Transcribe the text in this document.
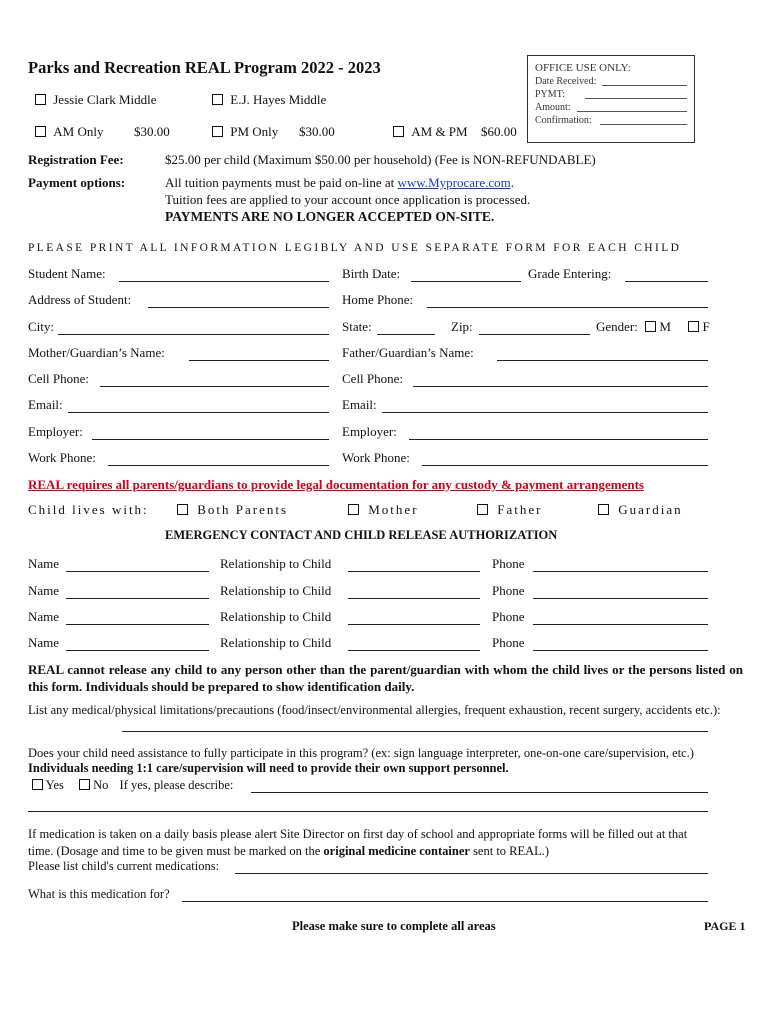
Parks and Recreation REAL Program 2022 - 2023	OFFICE USE ONLY:
Date Received:
PYMT:
Amount:
Confirmation:
Jessie Clark Middle	E.J. Hayes Middle
AM Only $30.00	PM Only $30.00	AM & PM $60.00
Registration Fee:	$25.00 per child (Maximum $50.00 per household) (Fee is NON-REFUNDABLE)
Payment options:	All tuition payments must be paid on-line at www.Myprocare.com.
Tuition fees are applied to your account once application is processed.
PAYMENTS ARE NO LONGER ACCEPTED ON-SITE.
PLEASE PRINT ALL INFORMATION LEGIBLY AND USE SEPARATE FORM FOR EACH CHILD
Student Name:	Birth Date:	Grade Entering:
Address of Student:	Home Phone:
City:	State:	Zip:	Gender: M F
Mother/Guardian’s Name:	Father/Guardian’s Name:
Cell Phone:	Cell Phone:
Email:	Email:
Employer:	Employer:
Work Phone:	Work Phone:
REAL requires all parents/guardians to provide legal documentation for any custody & payment arrangements
Child lives with:	Both Parents	Mother	Father	Guardian
EMERGENCY CONTACT AND CHILD RELEASE AUTHORIZATION
Name	Relationship to Child	Phone
Name	Relationship to Child	Phone
Name	Relationship to Child	Phone
Name	Relationship to Child	Phone
REAL cannot release any child to any person other than the parent/guardian with whom the child lives or the persons listed on this form. Individuals should be prepared to show identification daily.
List any medical/physical limitations/precautions (food/insect/environmental allergies, frequent exhaustion, recent surgery, accidents etc.):
Does your child need assistance to fully participate in this program? (ex: sign language interpreter, one-on-one care/supervision, etc.)
Individuals needing 1:1 care/supervision will need to provide their own support personnel.
Yes No If yes, please describe:
If medication is taken on a daily basis please alert Site Director on first day of school and appropriate forms will be filled out at that
time. (Dosage and time to be given must be marked on the original medicine container sent to REAL.)
Please list child's current medications:
What is this medication for?
Please make sure to complete all areas	PAGE 1
